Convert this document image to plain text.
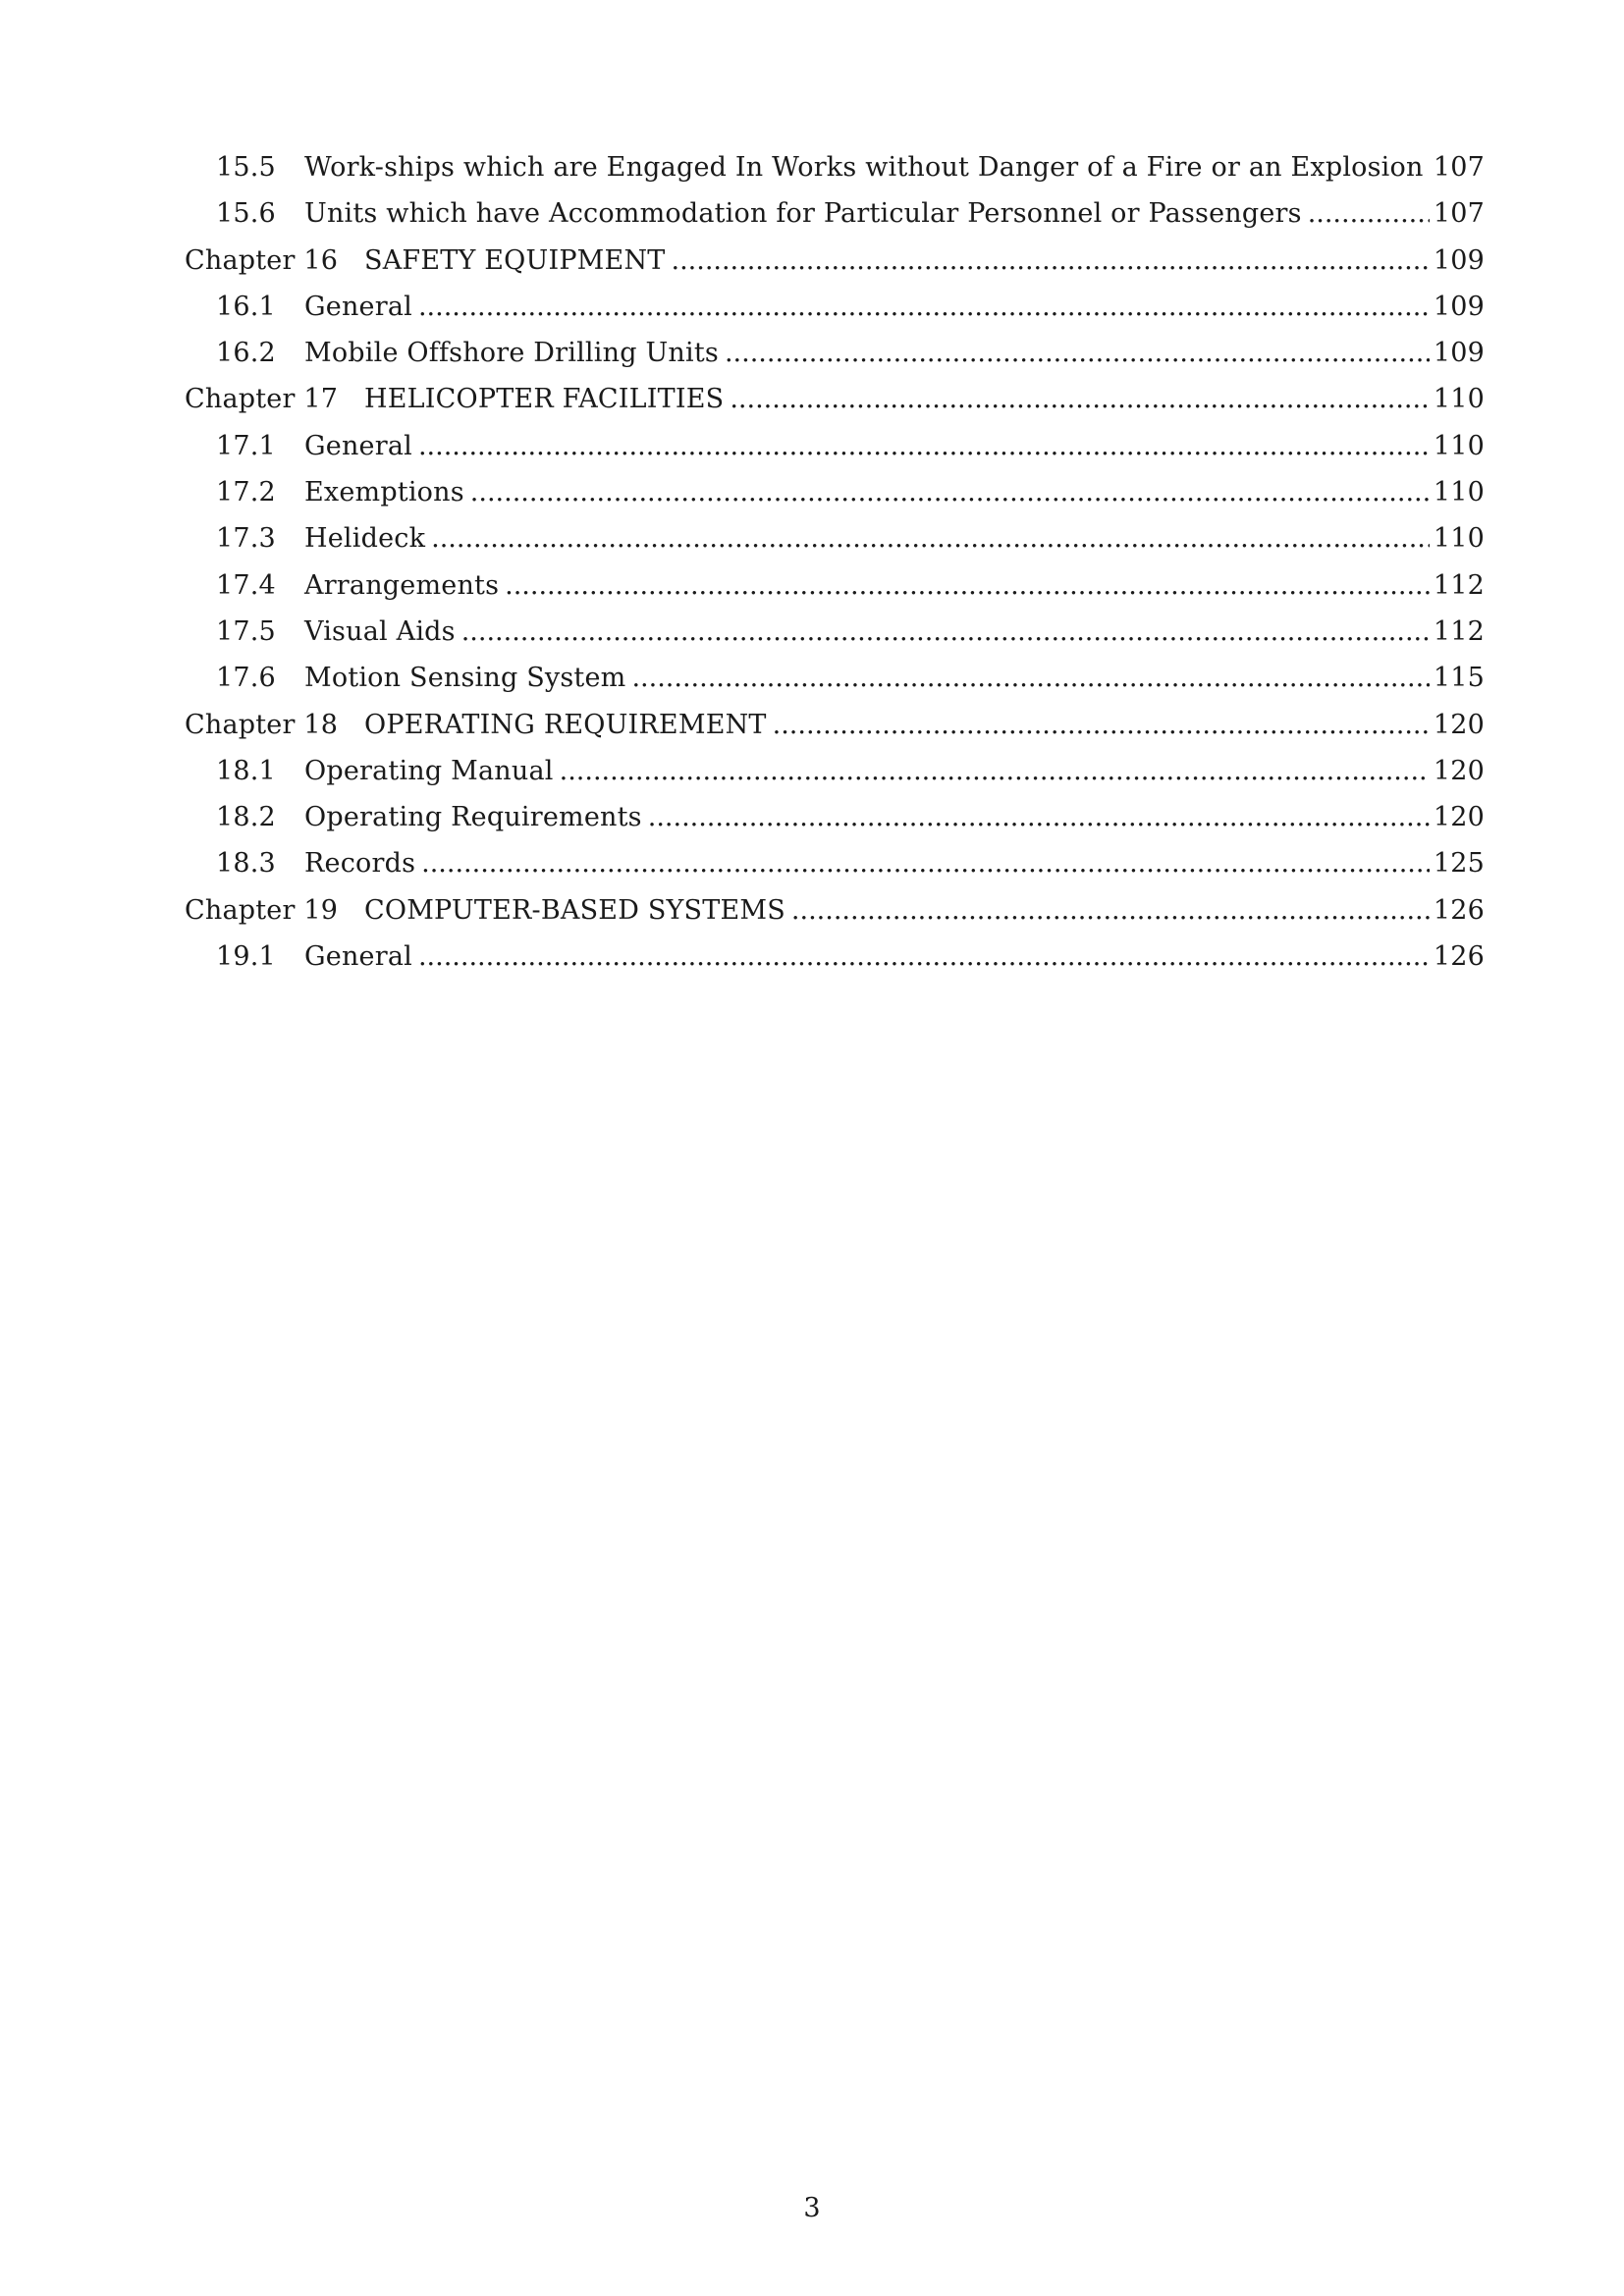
15.5	Work-ships which are Engaged In Works without Danger of a Fire or an Explosion ..... 107
15.6	Units which have Accommodation for Particular Personnel or Passengers .....	107
Chapter 16 SAFETY EQUIPMENT .....	109
16.1	General .....	109
16.2	Mobile Offshore Drilling Units .....	109
Chapter 17 HELICOPTER FACILITIES .....	110
17.1	General .....	110
17.2	Exemptions .....	110
17.3	Helideck .....	110
17.4	Arrangements .....	112
17.5	Visual Aids .....	112
17.6	Motion Sensing System .....	115
Chapter 18 OPERATING REQUIREMENT .....	120
18.1	Operating Manual .....	120
18.2	Operating Requirements .....	120
18.3	Records .....	125
Chapter 19 COMPUTER-BASED SYSTEMS .....	126
19.1	General .....	126
3
